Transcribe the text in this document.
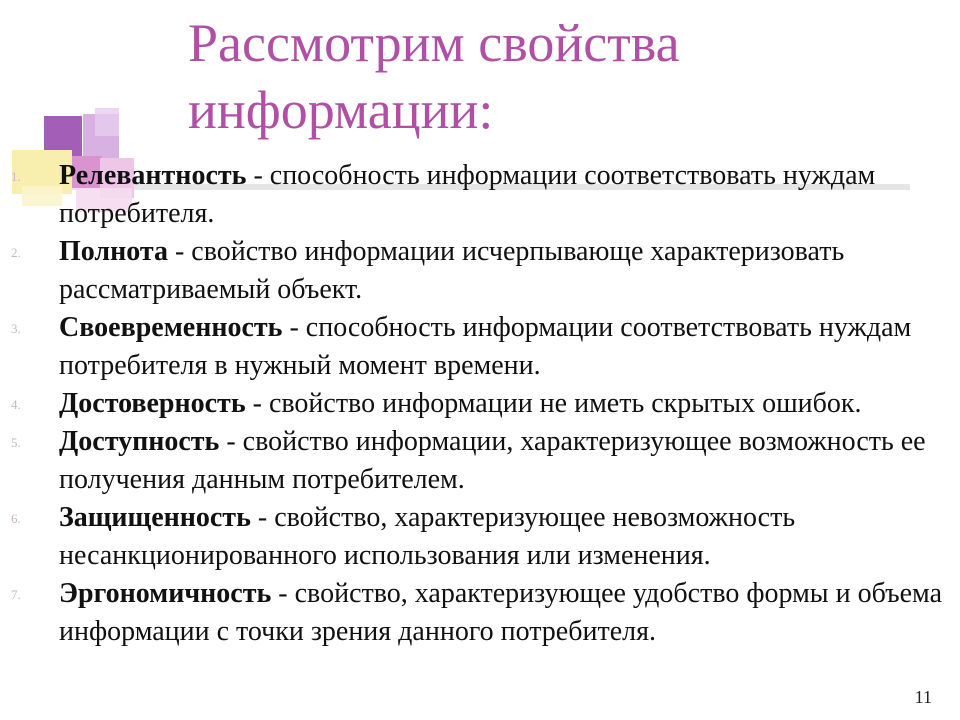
Рассмотрим свойства информации:
1. Релевантность - способность информации соответствовать нуждам потребителя.
2. Полнота - свойство информации исчерпывающе характеризовать рассматриваемый объект.
3. Своевременность - способность информации соответствовать нуждам потребителя в нужный момент времени.
4. Достоверность - свойство информации не иметь скрытых ошибок.
5. Доступность - свойство информации, характеризующее возможность ее получения данным потребителем.
6. Защищенность - свойство, характеризующее невозможность несанкционированного использования или изменения.
7. Эргономичность - свойство, характеризующее удобство формы и объема информации с точки зрения данного потребителя.
11
